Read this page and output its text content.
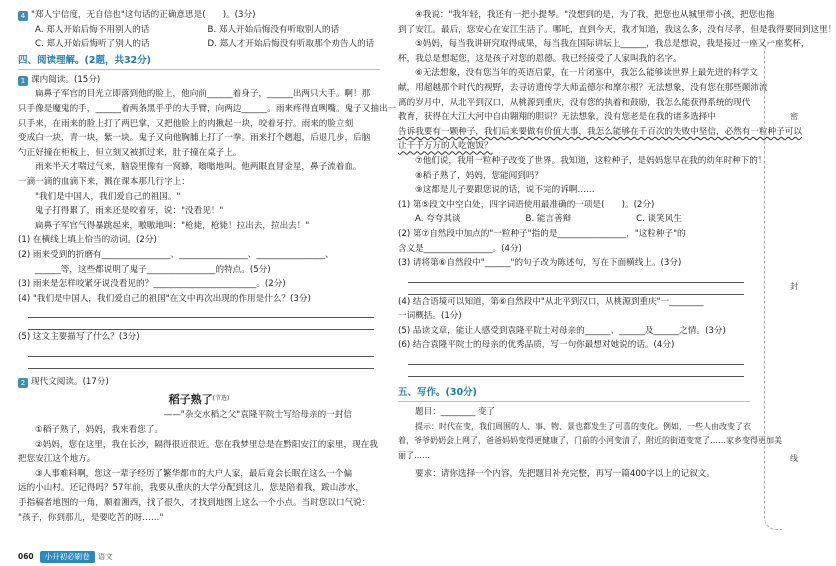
4 "郑人宁信度，无自信也"这句话的正确意思是(　　)。(3分)

A. 郑人开始后悔不用别人的话	B. 郑人开始后悔没有听取别人的话
C. 郑人开始后悔听了别人的话	D. 郑人才开始后悔没有听取那个劝告人的话
四、阅读理解。(2题，共32分)

1 课内阅读。(15分)

扁鼻子军官的目光立即落到他的脸上，他向前______着身子，______出两只大手。啊！那

只手像是魔鬼的手，______着两条黑乎乎的大手臂，向两边______。雨来疼得直咧嘴。鬼子又抽出一

只手来，在雨来的脸上打了两巴掌，又把他脸上的肉揪起一块，咬着牙拧。雨来的脸立刻

变成白一块，青一块，紫一块。鬼子又向他胸脯上打了一拳。雨来打个趔趄，后退几步，后脑

勺正好撞在柜板上，但立刻又被抓过来，肚子撞在桌子上。

雨来半天才喘过气来，脑袋里像有一窝蜂，嗡嗡地叫。他两眼直冒金星，鼻子流着血。

一滴一滴的血滴下来，溅在课本那几行字上：

"我们是中国人，我们爱自己的祖国。"

鬼子打得累了，雨来还是咬着牙，说："没看见！"

扁鼻子军官气得暴跳起来，嗷嗷地叫："枪毙，枪毙！拉出去，拉出去！"

(1) 在横线上填上恰当的动词。(2分)

(2) 雨来受到的折磨有________________、________________、________________、

______等，这些都说明了鬼子________________的特点。(5分)

(3) 雨来是怎样咬紧牙说没看见的？________________________。(2分)

(4) "我们是中国人，我们爱自己的祖国"在文中再次出现的作用是什么？(3分)

(5) 这文主要描写了什么？(3分)

2 现代文阅读。(17分)

稻子熟了$^{(节选)}$

——"杂交水稻之父"袁隆平院士写给母亲的一封信

①稻子熟了，妈妈，我来看您了。

②妈妈，您在这里，我在长沙，隔得很近很近。您在我梦里总是在黔阳安江的家里，现在我

把您安江这个地方。

③人事难料啊，您这一辈子经历了繁华都市的大户人家，最后竟会长眠在这么一个偏

远的小山村。还记得吗？57年前，我要从重庆的大学分配到这儿，您是陪着我，跋山涉水，

手指稿者地图的一角，顺着湘西，找了很久，才找到地图上这么一个小点。当时您以口气说：

"孩子，你到那儿，是要吃苦的呀……"

060	小升初必刷卷	语文

④我说："我年轻，我还有一把小提琴。"没想到的是，为了我，把您也从城里带小孩，把您也拖

到了安江。最后，您安心在安江生活了。哪吒，直到今天，我才知道，我这么多，没有尽孝，但是我得要回到这里！

⑤妈妈，每当我讲研究取得成果，每当我在国际讲坛上______，我总是想说，我是接过一座又一座奖杯，

杯，我总是想起您，这是孩子对您的恩德。我已经接受了人家叫我的名字。

⑥无法想象，没有您当年的英语启蒙，在一片闭塞中，我怎么能够读世界上最先进的科学文

献，用超越那个时代的视野，去寻访遗传学大师孟德尔和摩尔根？无法想象，没有您在那些颠沛流

离的岁月中，从北平到汉口，从桃源到重庆，没有您的执着和鼓励，我怎么能获得系统的现代

教育，获得在大江大河中自由翱翔的胆识？无法想象，没有您老是在我的诸多选择中

告诉我要有一颗种子，我们后来要做有价值大事，我怎么能够在千百次的失败中坚信，必然有一粒种子可以

让千千万万的人吃饱饭？

⑦他们说，我用一粒种子改变了世界。我知道，这粒种子，是妈妈您早在我的幼年时种下的！

⑧稻子熟了，妈妈，您能闻到吗？

⑨这都是儿子要跟您说的话，说不完的诉啊……

(1) 第⑤段文中空白处，四字词语使用最准确的一项是(　　)。(2分)

A. 夸夸其谈	B. 能言善辩	C. 谈笑风生

(2) 第⑦自然段中加点的"一粒种子"指的是________________，"这粒种子"的

含义是________________。(4分)

(3) 请将第⑥自然段中"______"的句子改为陈述句，写在下面横线上。(3分)

(4) 结合语境可以知道，第⑥自然段中"从北平到汉口，从桃源到重庆"一________

一词概括。(1分)

(5) 品读文章，能让人感受到袁隆平院士对母亲的______、______及______之情。(3分)

(6) 结合袁隆平院士的母亲的优秀品质，写一句你最想对她说的话。(4分)

五、写作。(30分)

题目：________ 变了

提示：时代在变，我们周围的人、事、物、景也都发生了可喜的变化。例如，一些人由改变了衣

着，爷爷奶奶会上网了，爸爸妈妈变得更健康了，门前的小河变清了，附近的街道变宽了……家乡变得更加美

丽了……

要求：请你选择一个内容，先把题目补充完整，再写一篇400字以上的记叙文。

密
封
线
